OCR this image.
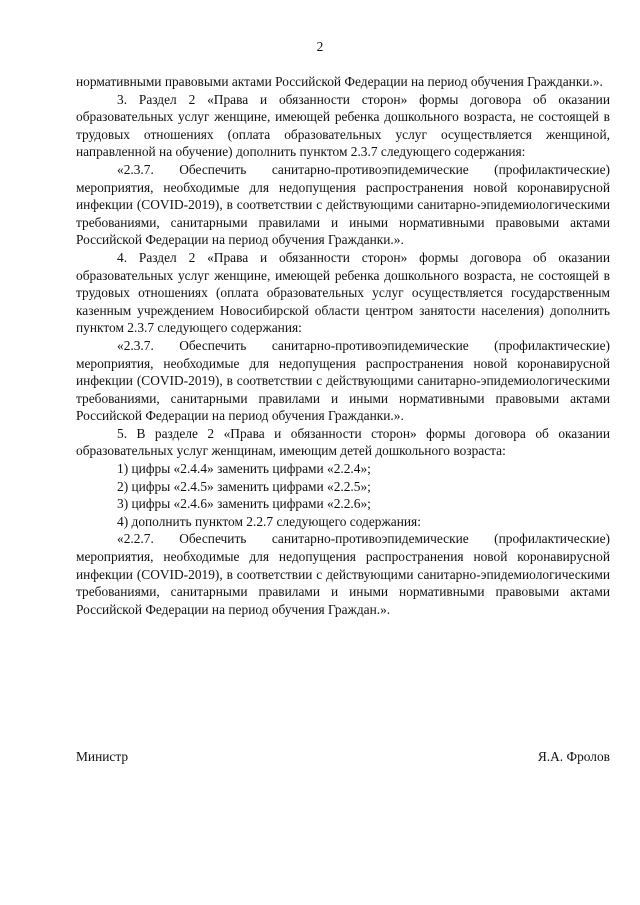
2

нормативными правовыми актами Российской Федерации на период обучения Гражданки.».

3. Раздел 2 «Права и обязанности сторон» формы договора об оказании образовательных услуг женщине, имеющей ребенка дошкольного возраста, не состоящей в трудовых отношениях (оплата образовательных услуг осуществляется женщиной, направленной на обучение) дополнить пунктом 2.3.7 следующего содержания:

«2.3.7. Обеспечить санитарно-противоэпидемические (профилактические) мероприятия, необходимые для недопущения распространения новой коронавирусной инфекции (COVID-2019), в соответствии с действующими санитарно-эпидемиологическими требованиями, санитарными правилами и иными нормативными правовыми актами Российской Федерации на период обучения Гражданки.».

4. Раздел 2 «Права и обязанности сторон» формы договора об оказании образовательных услуг женщине, имеющей ребенка дошкольного возраста, не состоящей в трудовых отношениях (оплата образовательных услуг осуществляется государственным казенным учреждением Новосибирской области центром занятости населения) дополнить пунктом 2.3.7 следующего содержания:

«2.3.7. Обеспечить санитарно-противоэпидемические (профилактические) мероприятия, необходимые для недопущения распространения новой коронавирусной инфекции (COVID-2019), в соответствии с действующими санитарно-эпидемиологическими требованиями, санитарными правилами и иными нормативными правовыми актами Российской Федерации на период обучения Гражданки.».

5. В разделе 2 «Права и обязанности сторон» формы договора об оказании образовательных услуг женщинам, имеющим детей дошкольного возраста:

1) цифры «2.4.4» заменить цифрами «2.2.4»;

2) цифры «2.4.5» заменить цифрами «2.2.5»;

3) цифры «2.4.6» заменить цифрами «2.2.6»;

4) дополнить пунктом 2.2.7 следующего содержания:

«2.2.7. Обеспечить санитарно-противоэпидемические (профилактические) мероприятия, необходимые для недопущения распространения новой коронавирусной инфекции (COVID-2019), в соответствии с действующими санитарно-эпидемиологическими требованиями, санитарными правилами и иными нормативными правовыми актами Российской Федерации на период обучения Граждан.».

Министр	Я.А. Фролов
